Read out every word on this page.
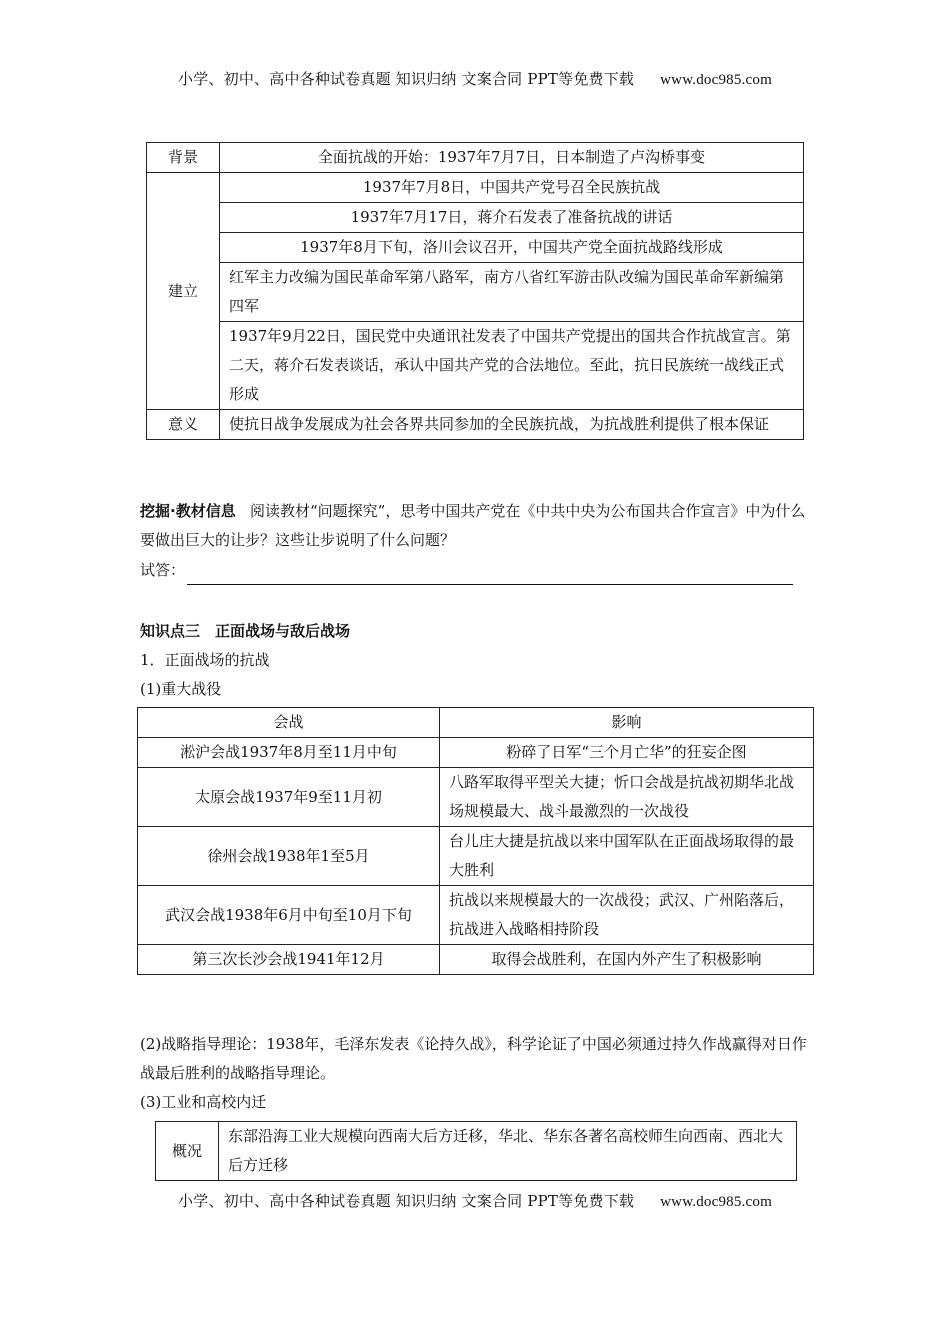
小学、初中、高中各种试卷真题 知识归纳 文案合同 PPT等免费下载 www.doc985.com
背景	全面抗战的开始：1937年7月7日，日本制造了卢沟桥事变
建立	1937年7月8日，中国共产党号召全民族抗战
	1937年7月17日，蒋介石发表了准备抗战的讲话
	1937年8月下旬，洛川会议召开，中国共产党全面抗战路线形成
	红军主力改编为国民革命军第八路军，南方八省红军游击队改编为国民革命军新编第四军
	1937年9月22日，国民党中央通讯社发表了中国共产党提出的国共合作抗战宣言。第二天，蒋介石发表谈话，承认中国共产党的合法地位。至此，抗日民族统一战线正式形成
意义	使抗日战争发展成为社会各界共同参加的全民族抗战，为抗战胜利提供了根本保证
挖掘·教材信息 阅读教材“问题探究”，思考中国共产党在《中共中央为公布国共合作宣言》中为什么要做出巨大的让步？这些让步说明了什么问题？
试答：
知识点三　正面战场与敌后战场
1．正面战场的抗战
(1)重大战役
会战	影响
淞沪会战1937年8月至11月中旬	粉碎了日军“三个月亡华”的狂妄企图
太原会战1937年9至11月初	八路军取得平型关大捷；忻口会战是抗战初期华北战场规模最大、战斗最激烈的一次战役
徐州会战1938年1至5月	台儿庄大捷是抗战以来中国军队在正面战场取得的最大胜利
武汉会战1938年6月中旬至10月下旬	抗战以来规模最大的一次战役；武汉、广州陷落后，抗战进入战略相持阶段
第三次长沙会战1941年12月	取得会战胜利，在国内外产生了积极影响
(2)战略指导理论：1938年，毛泽东发表《论持久战》，科学论证了中国必须通过持久作战赢得对日作战最后胜利的战略指导理论。
(3)工业和高校内迁
概况	东部沿海工业大规模向西南大后方迁移，华北、华东各著名高校师生向西南、西北大后方迁移
小学、初中、高中各种试卷真题 知识归纳 文案合同 PPT等免费下载 www.doc985.com
